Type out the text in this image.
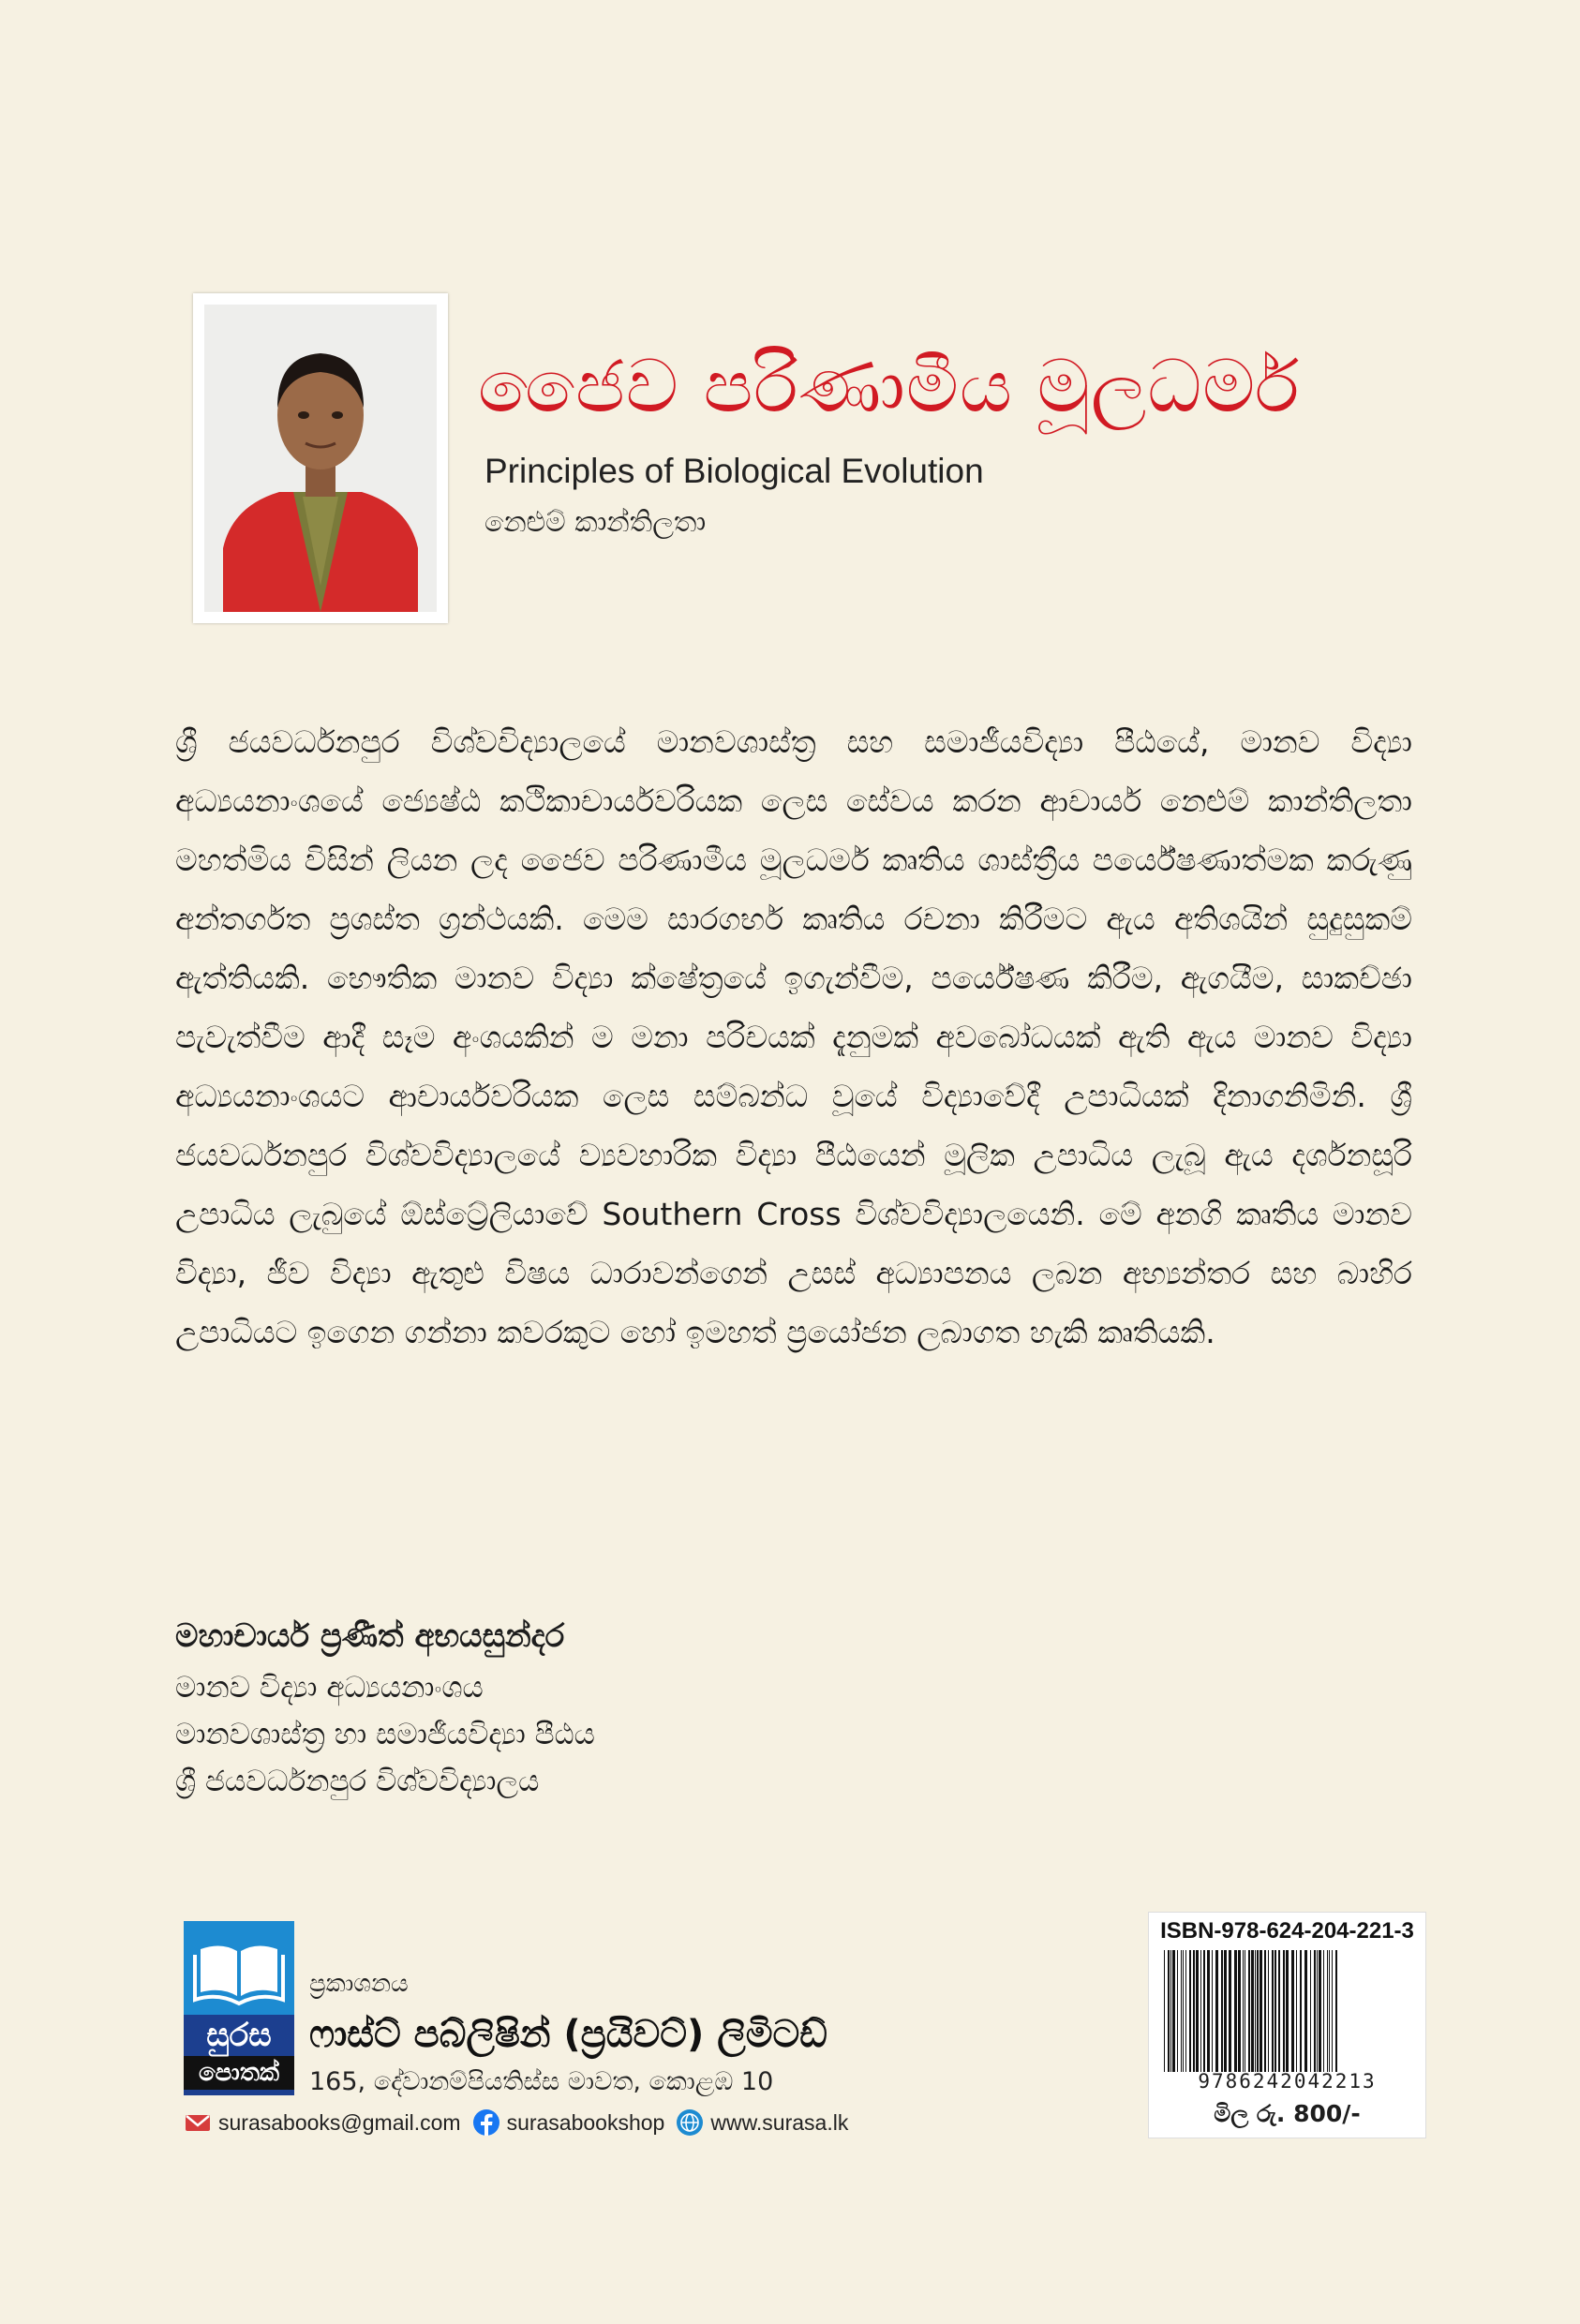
ජෛව පරිණාමීය මූලධර්ම
Principles of Biological Evolution
නෙළුම් කාන්තිලතා
ශ්‍රී ජයවර්ධනපුර විශ්වවිද්‍යාලයේ මානවශාස්ත්‍ර සහ සමාජීයවිද්‍යා පීඨයේ, මානව විද්‍යා අධ්‍යයනාංශයේ ජ්‍යෙෂ්ඨ කථිකාචාර්යවරියක ලෙස සේවය කරන ආචාර්ය නෙළුම් කාන්තිලතා මහත්මිය විසින් ලියන ලද ජෛව පරිණාමීය මූලධර්ම කෘතිය ශාස්ත්‍රීය පර්යේෂණාත්මක කරුණු අන්තර්ගත ප්‍රශස්ත ග්‍රන්ථයකි. මෙම සාරගර්භ කෘතිය රචනා කිරීමට ඇය අතිශයින් සුදුසුකම් ඇත්තියකි. භෞතික මානව විද්‍යා ක්ෂේත්‍රයේ ඉගැන්වීම, පර්යේෂණ කිරීම, ඇගයීම, සාකච්ඡා පැවැත්වීම ආදී සෑම අංශයකින් ම මනා පරිචයක් දැනුමක් අවබෝධයක් ඇති ඇය මානව විද්‍යා අධ්‍යයනාංශයට ආචාර්යවරියක ලෙස සම්බන්ධ වූයේ විද්‍යාවේදී උපාධියක් දිනාගනිමිනි. ශ්‍රී ජයවර්ධනපුර විශ්වවිද්‍යාලයේ ව්‍යවහාරික විද්‍යා පීඨයෙන් මූලික උපාධිය ලැබූ ඇය දර්ශනසූරි උපාධිය ලැබුයේ ඕස්ට්‍රේලියාවේ Southern Cross විශ්වවිද්‍යාලයෙනි. මේ අනගි කෘතිය මානව විද්‍යා, ජීව විද්‍යා ඇතුළු විෂය ධාරාවන්ගෙන් උසස් අධ්‍යාපනය ලබන අභ්‍යන්තර සහ බාහිර උපාධියට ඉගෙන ගන්නා කවරකුට හෝ ඉමහත් ප්‍රයෝජන ලබාගත හැකි කෘතියකි.

මහාචාර්ය ප්‍රණීත් අභයසුන්දර

මානව විද්‍යා අධ්‍යයනාංශය

මානවශාස්ත්‍ර හා සමාජීයවිද්‍යා පීඨය

ශ්‍රී ජයවර්ධනපුර විශ්වවිද්‍යාලය

ISBN-978-624-204-221-3
9786242042213
මිල රු. 800/-
සුරස
පොතක්
ප්‍රකාශනය
ෆාස්ට් පබ්ලිෂින් (ප්‍රයිවට්) ලිමිටඩ්
165, දේවානම්පියතිස්ස මාවත, කොළඹ 10
surasabooks@gmail.com surasabookshop www.surasa.lk
